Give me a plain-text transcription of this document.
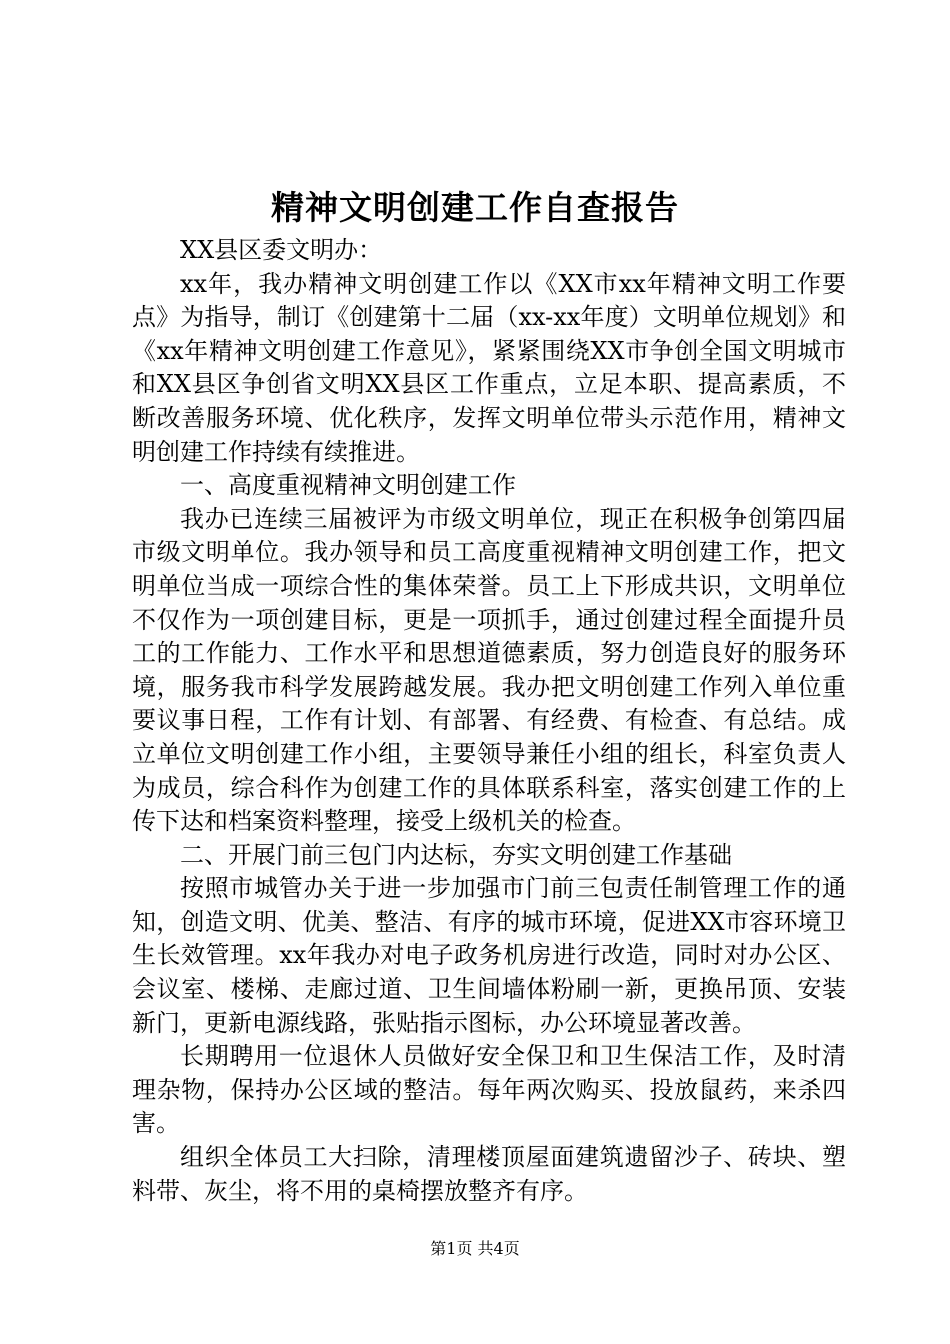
精神文明创建工作自查报告

XX县区委文明办：

xx年，我办精神文明创建工作以《XX市xx年精神文明工作要点》为指导，制订《创建第十二届（xx-xx年度）文明单位规划》和《xx年精神文明创建工作意见》，紧紧围绕XX市争创全国文明城市和XX县区争创省文明XX县区工作重点，立足本职、提高素质，不断改善服务环境、优化秩序，发挥文明单位带头示范作用，精神文明创建工作持续有续推进。

一、高度重视精神文明创建工作

我办已连续三届被评为市级文明单位，现正在积极争创第四届市级文明单位。我办领导和员工高度重视精神文明创建工作，把文明单位当成一项综合性的集体荣誉。员工上下形成共识，文明单位不仅作为一项创建目标，更是一项抓手，通过创建过程全面提升员工的工作能力、工作水平和思想道德素质，努力创造良好的服务环境，服务我市科学发展跨越发展。我办把文明创建工作列入单位重要议事日程，工作有计划、有部署、有经费、有检查、有总结。成立单位文明创建工作小组，主要领导兼任小组的组长，科室负责人为成员，综合科作为创建工作的具体联系科室，落实创建工作的上传下达和档案资料整理，接受上级机关的检查。

二、开展门前三包门内达标，夯实文明创建工作基础

按照市城管办关于进一步加强市门前三包责任制管理工作的通知，创造文明、优美、整洁、有序的城市环境，促进XX市容环境卫生长效管理。xx年我办对电子政务机房进行改造，同时对办公区、会议室、楼梯、走廊过道、卫生间墙体粉刷一新，更换吊顶、安装新门，更新电源线路，张贴指示图标，办公环境显著改善。

长期聘用一位退休人员做好安全保卫和卫生保洁工作，及时清理杂物，保持办公区域的整洁。每年两次购买、投放鼠药，来杀四害。

组织全体员工大扫除，清理楼顶屋面建筑遗留沙子、砖块、塑料带、灰尘，将不用的桌椅摆放整齐有序。

第1页 共4页
